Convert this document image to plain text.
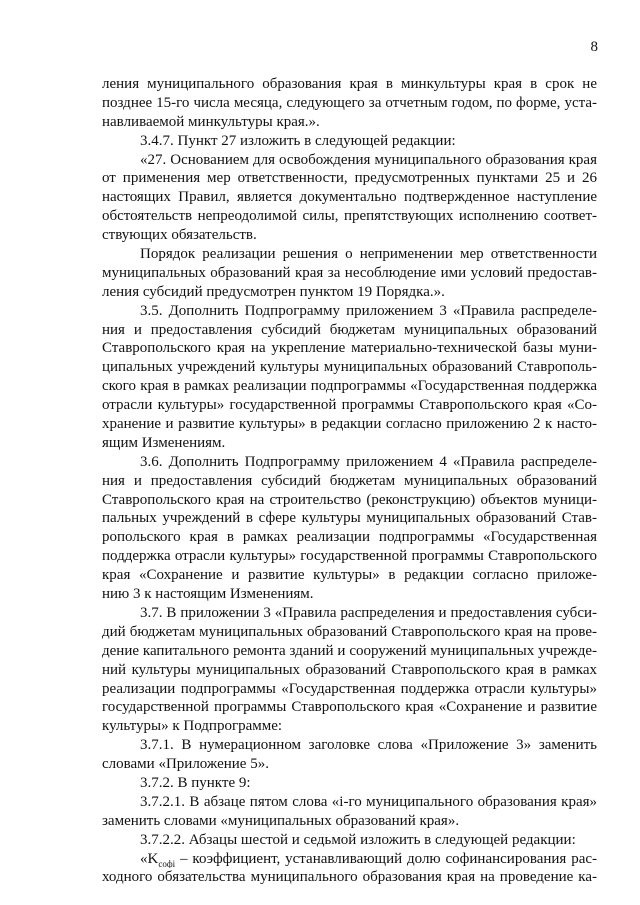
8
ления муниципального образования края в минкультуры края в срок не
позднее 15-го числа месяца, следующего за отчетным годом, по форме, уста-
навливаемой минкультуры края.».
3.4.7. Пункт 27 изложить в следующей редакции:
«27. Основанием для освобождения муниципального образования края
от применения мер ответственности, предусмотренных пунктами 25 и 26
настоящих Правил, является документально подтвержденное наступление
обстоятельств непреодолимой силы, препятствующих исполнению соответ-
ствующих обязательств.
Порядок реализации решения о неприменении мер ответственности
муниципальных образований края за несоблюдение ими условий предостав-
ления субсидий предусмотрен пунктом 19 Порядка.».
3.5. Дополнить Подпрограмму приложением 3 «Правила распределе-
ния и предоставления субсидий бюджетам муниципальных образований
Ставропольского края на укрепление материально-технической базы муни-
ципальных учреждений культуры муниципальных образований Ставрополь-
ского края в рамках реализации подпрограммы «Государственная поддержка
отрасли культуры» государственной программы Ставропольского края «Со-
хранение и развитие культуры» в редакции согласно приложению 2 к насто-
ящим Изменениям.
3.6. Дополнить Подпрограмму приложением 4 «Правила распределе-
ния и предоставления субсидий бюджетам муниципальных образований
Ставропольского края на строительство (реконструкцию) объектов муници-
пальных учреждений в сфере культуры муниципальных образований Став-
ропольского края в рамках реализации подпрограммы «Государственная
поддержка отрасли культуры» государственной программы Ставропольского
края «Сохранение и развитие культуры» в редакции согласно приложе-
нию 3 к настоящим Изменениям.
3.7. В приложении 3 «Правила распределения и предоставления субси-
дий бюджетам муниципальных образований Ставропольского края на прове-
дение капитального ремонта зданий и сооружений муниципальных учрежде-
ний культуры муниципальных образований Ставропольского края в рамках
реализации подпрограммы «Государственная поддержка отрасли культуры»
государственной программы Ставропольского края «Сохранение и развитие
культуры» к Подпрограмме:
3.7.1. В нумерационном заголовке слова «Приложение 3» заменить
словами «Приложение 5».
3.7.2. В пункте 9:
3.7.2.1. В абзаце пятом слова «i-го муниципального образования края»
заменить словами «муниципальных образований края».
3.7.2.2. Абзацы шестой и седьмой изложить в следующей редакции:
«$K_{софi}$ – коэффициент, устанавливающий долю софинансирования рас-
ходного обязательства муниципального образования края на проведение ка-
